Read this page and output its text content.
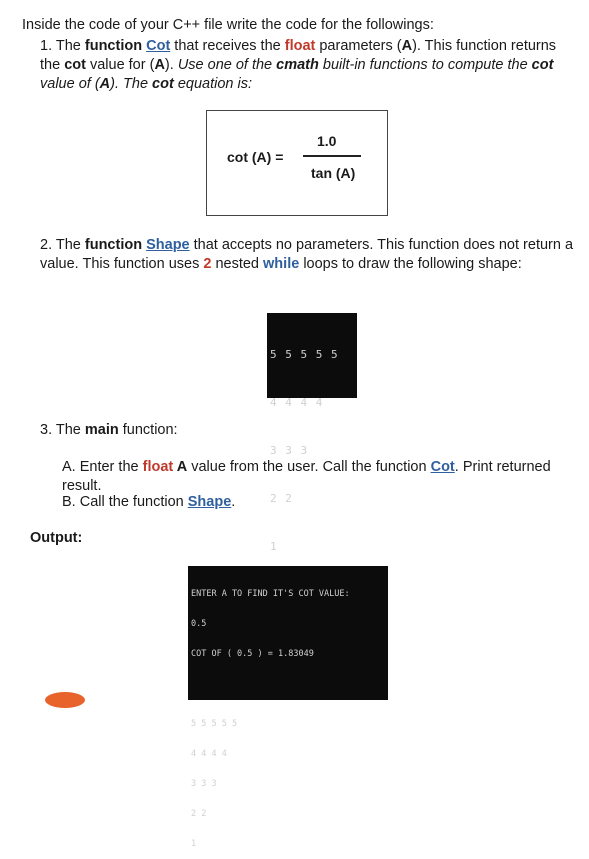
Inside the code of your C++ file write the code for the followings:
1. The function Cot that receives the float parameters (A). This function returns the cot value for (A). Use one of the cmath built-in functions to compute the cot value of (A). The cot equation is:
cot (A) =
1.0
tan (A)
2. The function Shape that accepts no parameters. This function does not return a value. This function uses 2 nested while loops to draw the following shape:

5 5 5 5 5

4 4 4 4

3 3 3

2 2

1

3. The main function:
A. Enter the float A value from the user. Call the function Cot. Print returned result.
B. Call the function Shape.
Output:

ENTER A TO FIND IT'S COT VALUE:

0.5

COT OF ( 0.5 ) = 1.83049

5 5 5 5 5

4 4 4 4

3 3 3

2 2

1
